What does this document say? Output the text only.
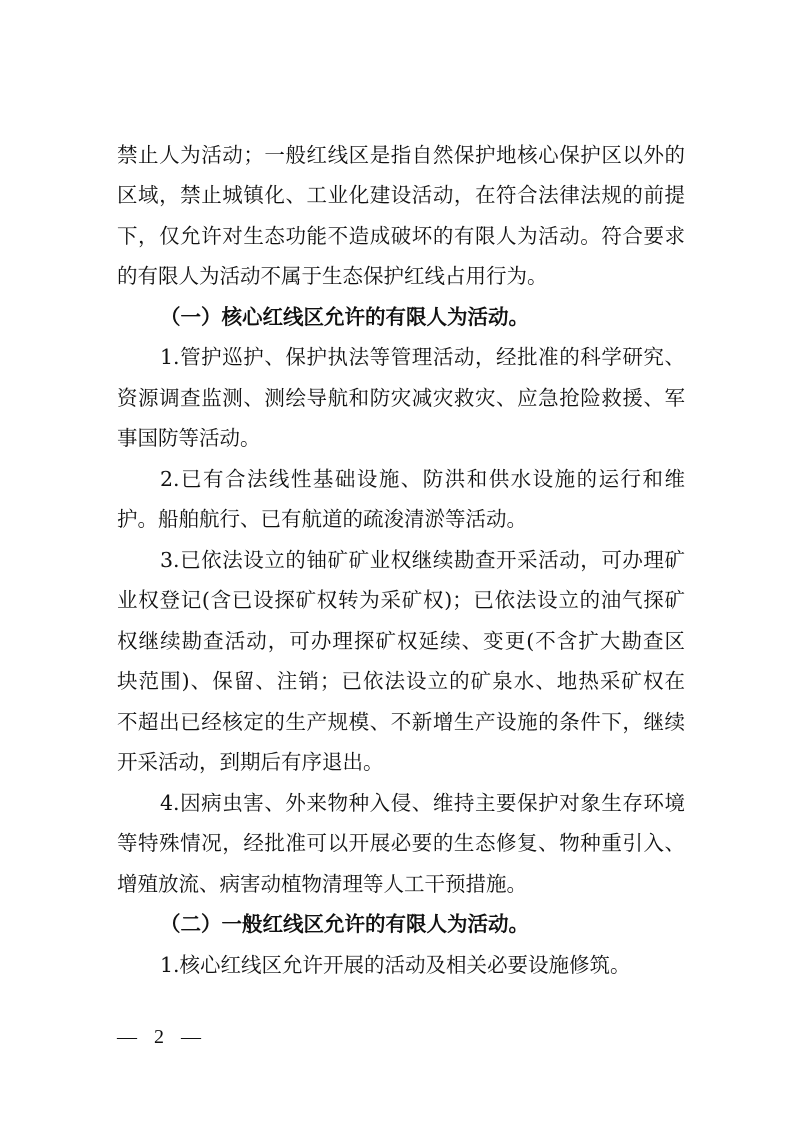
禁止人为活动；一般红线区是指自然保护地核心保护区以外的
区域，禁止城镇化、工业化建设活动，在符合法律法规的前提
下，仅允许对生态功能不造成破坏的有限人为活动。符合要求
的有限人为活动不属于生态保护红线占用行为。
（一）核心红线区允许的有限人为活动。
1.管护巡护、保护执法等管理活动，经批准的科学研究、
资源调查监测、测绘导航和防灾减灾救灾、应急抢险救援、军
事国防等活动。
2.已有合法线性基础设施、防洪和供水设施的运行和维
护。船舶航行、已有航道的疏浚清淤等活动。
3.已依法设立的铀矿矿业权继续勘查开采活动，可办理矿
业权登记(含已设探矿权转为采矿权)；已依法设立的油气探矿
权继续勘查活动，可办理探矿权延续、变更(不含扩大勘查区
块范围)、保留、注销；已依法设立的矿泉水、地热采矿权在
不超出已经核定的生产规模、不新增生产设施的条件下，继续
开采活动，到期后有序退出。
4.因病虫害、外来物种入侵、维持主要保护对象生存环境
等特殊情况，经批准可以开展必要的生态修复、物种重引入、
增殖放流、病害动植物清理等人工干预措施。
（二）一般红线区允许的有限人为活动。
1.核心红线区允许开展的活动及相关必要设施修筑。
— 2 —
